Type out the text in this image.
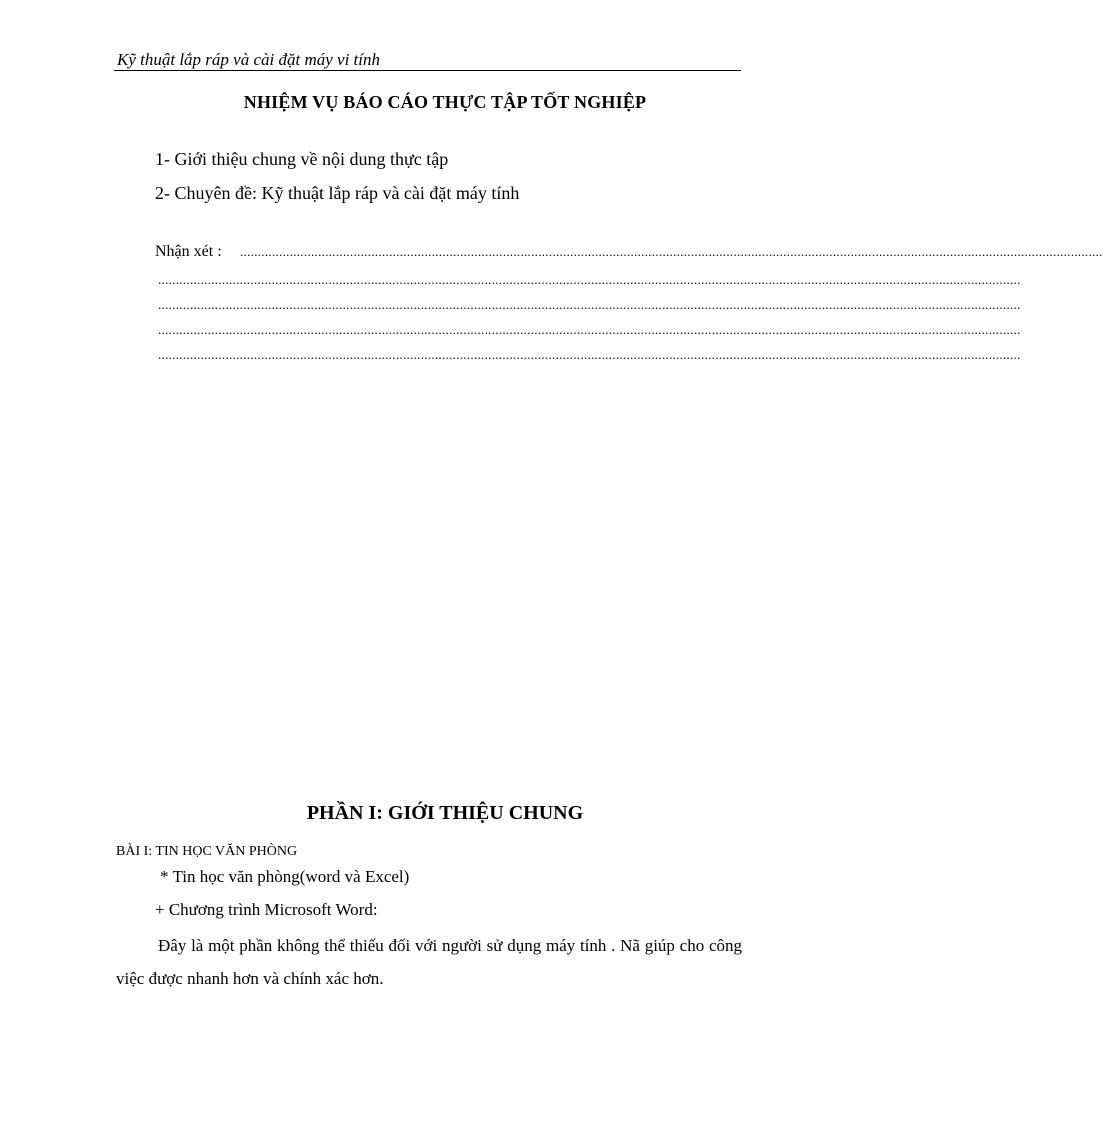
Kỹ thuật lắp ráp và cài đặt máy vi tính
NHIỆM VỤ BÁO CÁO THỰC TẬP TỐT NGHIỆP
1- Giới thiệu chung về nội dung thực tập
2- Chuyên đề: Kỹ thuật lắp ráp và cài đặt máy tính
Nhận xét : ...................................................................................................................................................................................................................................................
...................................................................................................................................................................................................................................................
...................................................................................................................................................................................................................................................
...................................................................................................................................................................................................................................................
...................................................................................................................................................................................................................................................
PHẦN I: GIỚI THIỆU CHUNG
BÀI I: TIN HỌC VĂN PHÒNG
* Tin học văn phòng(word và Excel)
+ Chương trình Microsoft Word:
Đây là một phần không thể thiếu đối với người sử dụng máy tính . Nã giúp cho công việc được nhanh hơn và chính xác hơn.
